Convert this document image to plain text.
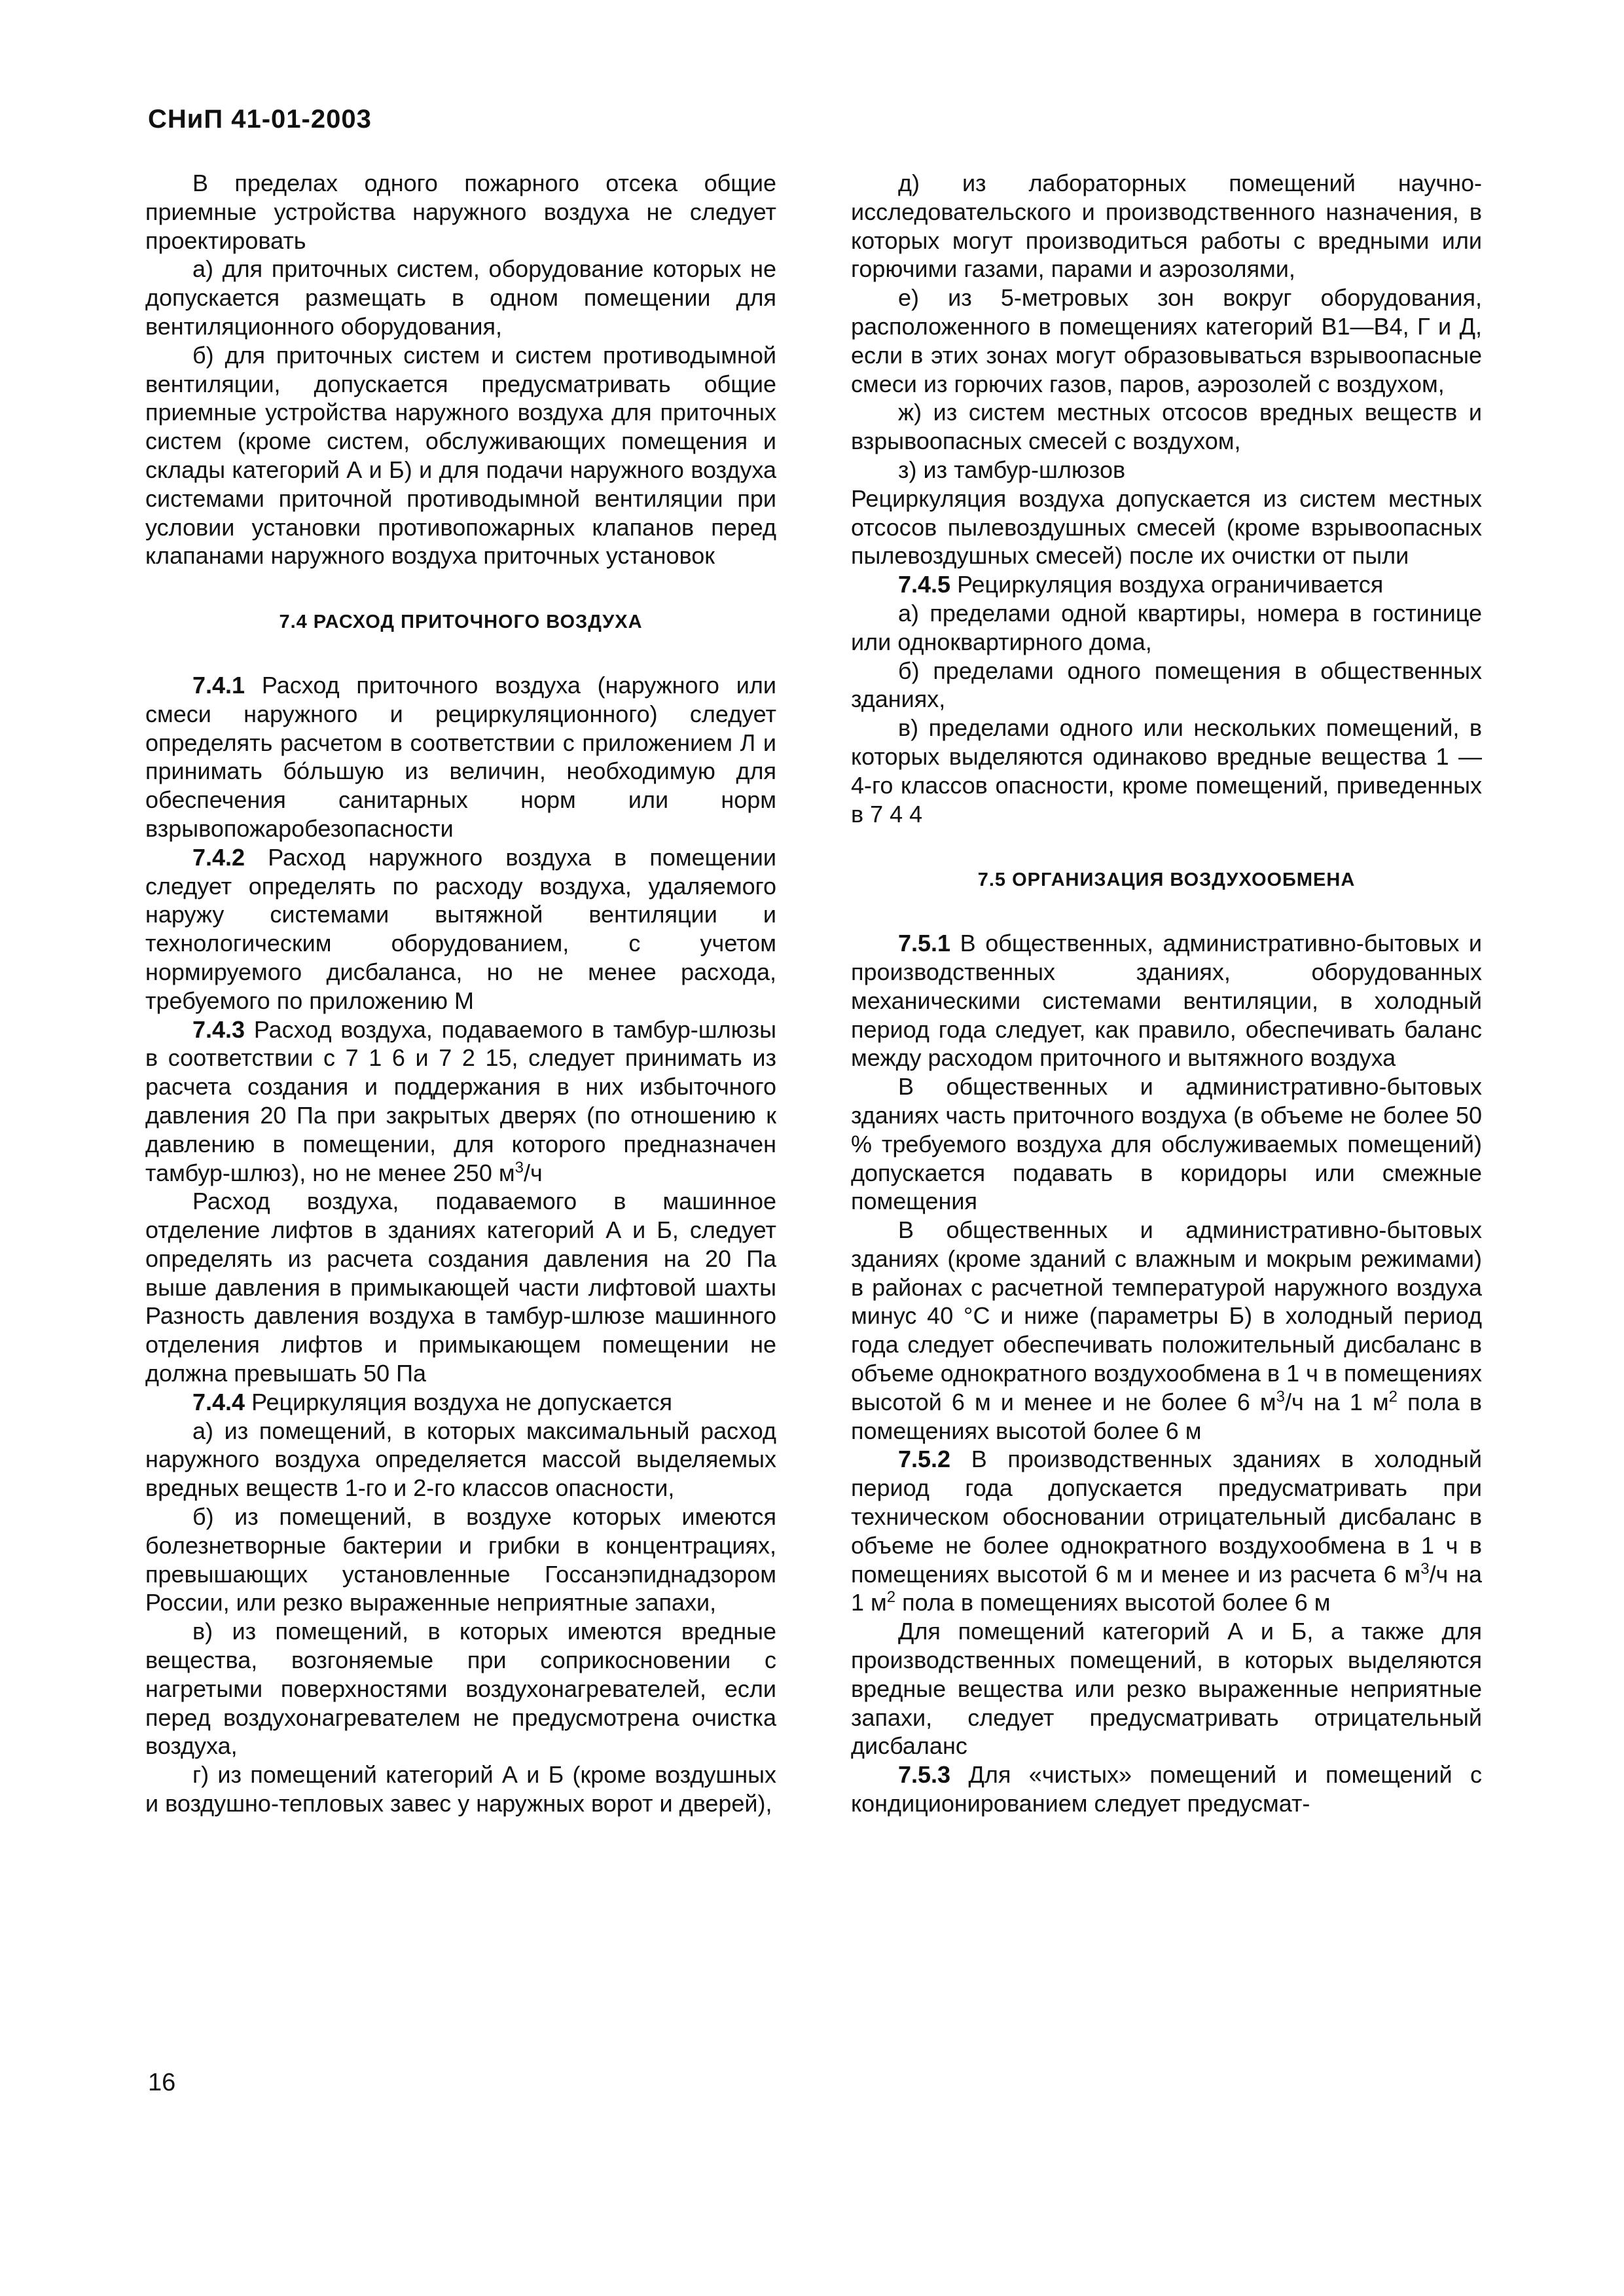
СНиП 41-01-2003

В пределах одного пожарного отсека общие приемные устройства наружного воздуха не следует проектировать

а) для приточных систем, оборудование которых не допускается размещать в одном помещении для вентиляционного оборудования,

б) для приточных систем и систем противодымной вентиляции, допускается предусматривать общие приемные устройства наружного воздуха для приточных систем (кроме систем, обслуживающих помещения и склады категорий А и Б) и для подачи наружного воздуха системами приточной противодымной вентиляции при условии установки противопожарных клапанов перед клапанами наружного воздуха приточных установок

7.4 РАСХОД ПРИТОЧНОГО ВОЗДУХА

7.4.1 Расход приточного воздуха (наружного или смеси наружного и рециркуляционного) следует определять расчетом в соответствии с приложением Л и принимать бо́льшую из величин, необходимую для обеспечения санитарных норм или норм взрывопожаробезопасности

7.4.2 Расход наружного воздуха в помещении следует определять по расходу воздуха, удаляемого наружу системами вытяжной вентиляции и технологическим оборудованием, с учетом нормируемого дисбаланса, но не менее расхода, требуемого по приложению М

7.4.3 Расход воздуха, подаваемого в тамбур-шлюзы в соответствии с 7 1 6 и 7 2 15, следует принимать из расчета создания и поддержания в них избыточного давления 20 Па при закрытых дверях (по отношению к давлению в помещении, для которого предназначен тамбур-шлюз), но не менее 250 $м^3/ч$

Расход воздуха, подаваемого в машинное отделение лифтов в зданиях категорий А и Б, следует определять из расчета создания давления на 20 Па выше давления в примыкающей части лифтовой шахты Разность давления воздуха в тамбур-шлюзе машинного отделения лифтов и примыкающем помещении не должна превышать 50 Па

7.4.4 Рециркуляция воздуха не допускается

а) из помещений, в которых максимальный расход наружного воздуха определяется массой выделяемых вредных веществ 1-го и 2-го классов опасности,

б) из помещений, в воздухе которых имеются болезнетворные бактерии и грибки в концентрациях, превышающих установленные Госсанэпиднадзором России, или резко выраженные неприятные запахи,

в) из помещений, в которых имеются вредные вещества, возгоняемые при соприкосновении с нагретыми поверхностями воздухонагревателей, если перед воздухонагревателем не предусмотрена очистка воздуха,

г) из помещений категорий А и Б (кроме воздушных и воздушно-тепловых завес у наружных ворот и дверей),

д) из лабораторных помещений научно-исследовательского и производственного назначения, в которых могут производиться работы с вредными или горючими газами, парами и аэрозолями,

е) из 5-метровых зон вокруг оборудования, расположенного в помещениях категорий В1—В4, Г и Д, если в этих зонах могут образовываться взрывоопасные смеси из горючих газов, паров, аэрозолей с воздухом,

ж) из систем местных отсосов вредных веществ и взрывоопасных смесей с воздухом,

з) из тамбур-шлюзов

Рециркуляция воздуха допускается из систем местных отсосов пылевоздушных смесей (кроме взрывоопасных пылевоздушных смесей) после их очистки от пыли

7.4.5 Рециркуляция воздуха ограничивается

а) пределами одной квартиры, номера в гостинице или одноквартирного дома,

б) пределами одного помещения в общественных зданиях,

в) пределами одного или нескольких помещений, в которых выделяются одинаково вредные вещества 1 — 4-го классов опасности, кроме помещений, приведенных в 7 4 4

7.5 ОРГАНИЗАЦИЯ ВОЗДУХООБМЕНА

7.5.1 В общественных, административно-бытовых и производственных зданиях, оборудованных механическими системами вентиляции, в холодный период года следует, как правило, обеспечивать баланс между расходом приточного и вытяжного воздуха

В общественных и административно-бытовых зданиях часть приточного воздуха (в объеме не более 50 % требуемого воздуха для обслуживаемых помещений) допускается подавать в коридоры или смежные помещения

В общественных и административно-бытовых зданиях (кроме зданий с влажным и мокрым режимами) в районах с расчетной температурой наружного воздуха минус 40 °С и ниже (параметры Б) в холодный период года следует обеспечивать положительный дисбаланс в объеме однократного воздухообмена в 1 ч в помещениях высотой 6 м и менее и не более 6 $м^3/ч$ на 1 $м^2$ пола в помещениях высотой более 6 м

7.5.2 В производственных зданиях в холодный период года допускается предусматривать при техническом обосновании отрицательный дисбаланс в объеме не более однократного воздухообмена в 1 ч в помещениях высотой 6 м и менее и из расчета 6 $м^3/ч$ на 1 $м^2$ пола в помещениях высотой более 6 м

Для помещений категорий А и Б, а также для производственных помещений, в которых выделяются вредные вещества или резко выраженные неприятные запахи, следует предусматривать отрицательный дисбаланс

7.5.3 Для «чистых» помещений и помещений с кондиционированием следует предусмат-

16
